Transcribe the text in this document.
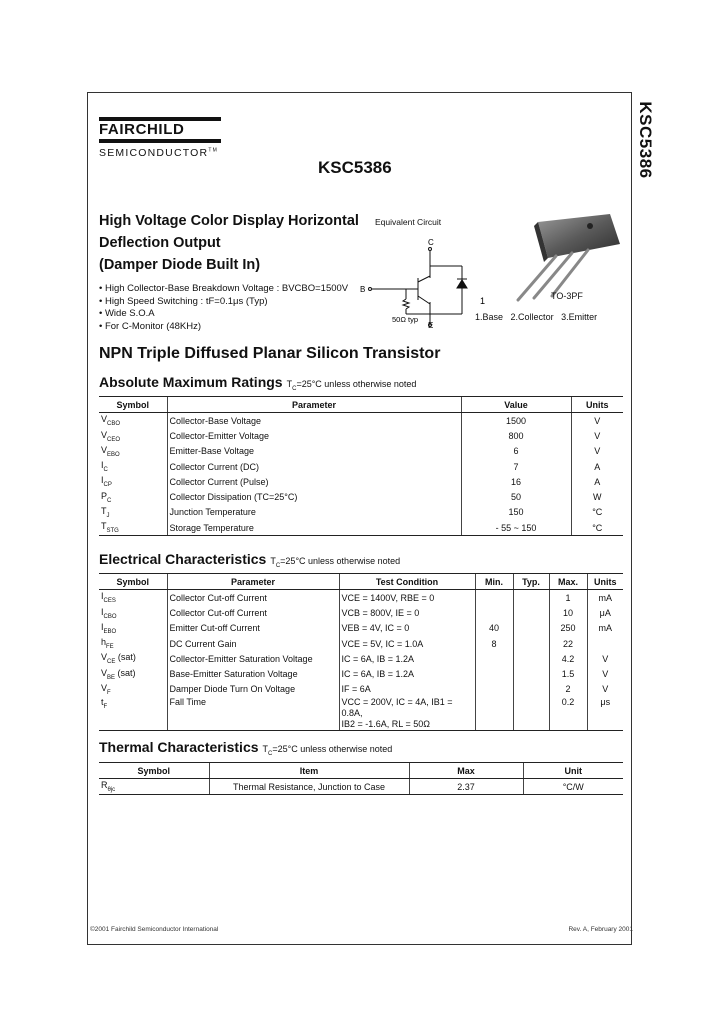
KSC5386
FAIRCHILD
SEMICONDUCTOR™
KSC5386
High Voltage Color Display Horizontal
Deflection Output
(Damper Diode Built In)
• High Collector-Base Breakdown Voltage : BVCBO=1500V
• High Speed Switching : tF=0.1μs (Typ)
• Wide S.O.A
• For C-Monitor (48KHz)
Equivalent Circuit
C
B
E
50Ω typ
1	TO-3PF
1.Base 2.Collector 3.Emitter
NPN Triple Diffused Planar Silicon Transistor
Absolute Maximum Ratings $T_C=25^\circ C$ unless otherwise noted
Symbol	Parameter	Value	Units
$V_{CBO}$	Collector-Base Voltage	1500	V
$V_{CEO}$	Collector-Emitter Voltage	800	V
$V_{EBO}$	Emitter-Base Voltage	6	V
$I_C$	Collector Current (DC)	7	A
$I_{CP}$	Collector Current (Pulse)	16	A
$P_C$	Collector Dissipation (TC=25°C)	50	W
$T_J$	Junction Temperature	150	°C
$T_{STG}$	Storage Temperature	- 55 ~ 150	°C
Electrical Characteristics $T_C=25^\circ C$ unless otherwise noted
Symbol	Parameter	Test Condition	Min.	Typ.	Max.	Units
$I_{CES}$	Collector Cut-off Current	VCE = 1400V, RBE = 0			1	mA
$I_{CBO}$	Collector Cut-off Current	VCB = 800V, IE = 0			10	μA
$I_{EBO}$	Emitter Cut-off Current	VEB = 4V, IC = 0	40		250	mA
$h_{FE}$	DC Current Gain	VCE = 5V, IC = 1.0A	8		22	
$V_{CE}$ (sat)	Collector-Emitter Saturation Voltage	IC = 6A, IB = 1.2A			4.2	V
$V_{BE}$ (sat)	Base-Emitter Saturation Voltage	IC = 6A, IB = 1.2A			1.5	V
$V_F$	Damper Diode Turn On Voltage	IF = 6A			2	V
$t_F$	Fall Time	VCC = 200V, IC = 4A, IB1 = 0.8A,
IB2 = -1.6A, RL = 50Ω			0.2	μs
Thermal Characteristics $T_C=25^\circ C$ unless otherwise noted
Symbol	Item	Max	Unit
$R_{\theta jc}$	Thermal Resistance, Junction to Case	2.37	°C/W
©2001 Fairchild Semiconductor International	Rev. A, February 2001
